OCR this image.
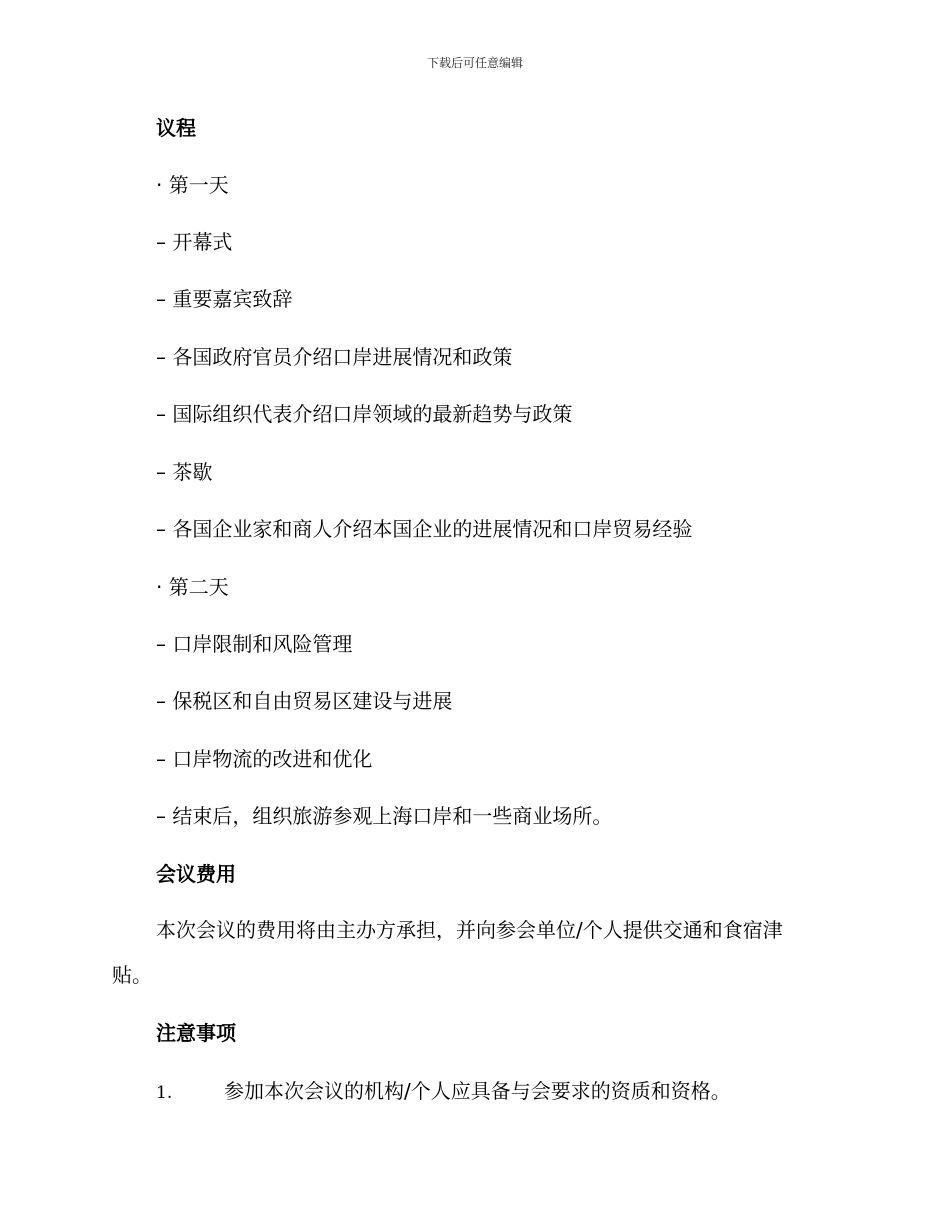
下载后可任意编辑
议程
· 第一天
– 开幕式
– 重要嘉宾致辞
– 各国政府官员介绍口岸进展情况和政策
– 国际组织代表介绍口岸领域的最新趋势与政策
– 茶歇
– 各国企业家和商人介绍本国企业的进展情况和口岸贸易经验
· 第二天
– 口岸限制和风险管理
– 保税区和自由贸易区建设与进展
– 口岸物流的改进和优化
– 结束后，组织旅游参观上海口岸和一些商业场所。
会议费用
本次会议的费用将由主办方承担，并向参会单位/个人提供交通和食宿津贴。
注意事项
1.	参加本次会议的机构/个人应具备与会要求的资质和资格。
